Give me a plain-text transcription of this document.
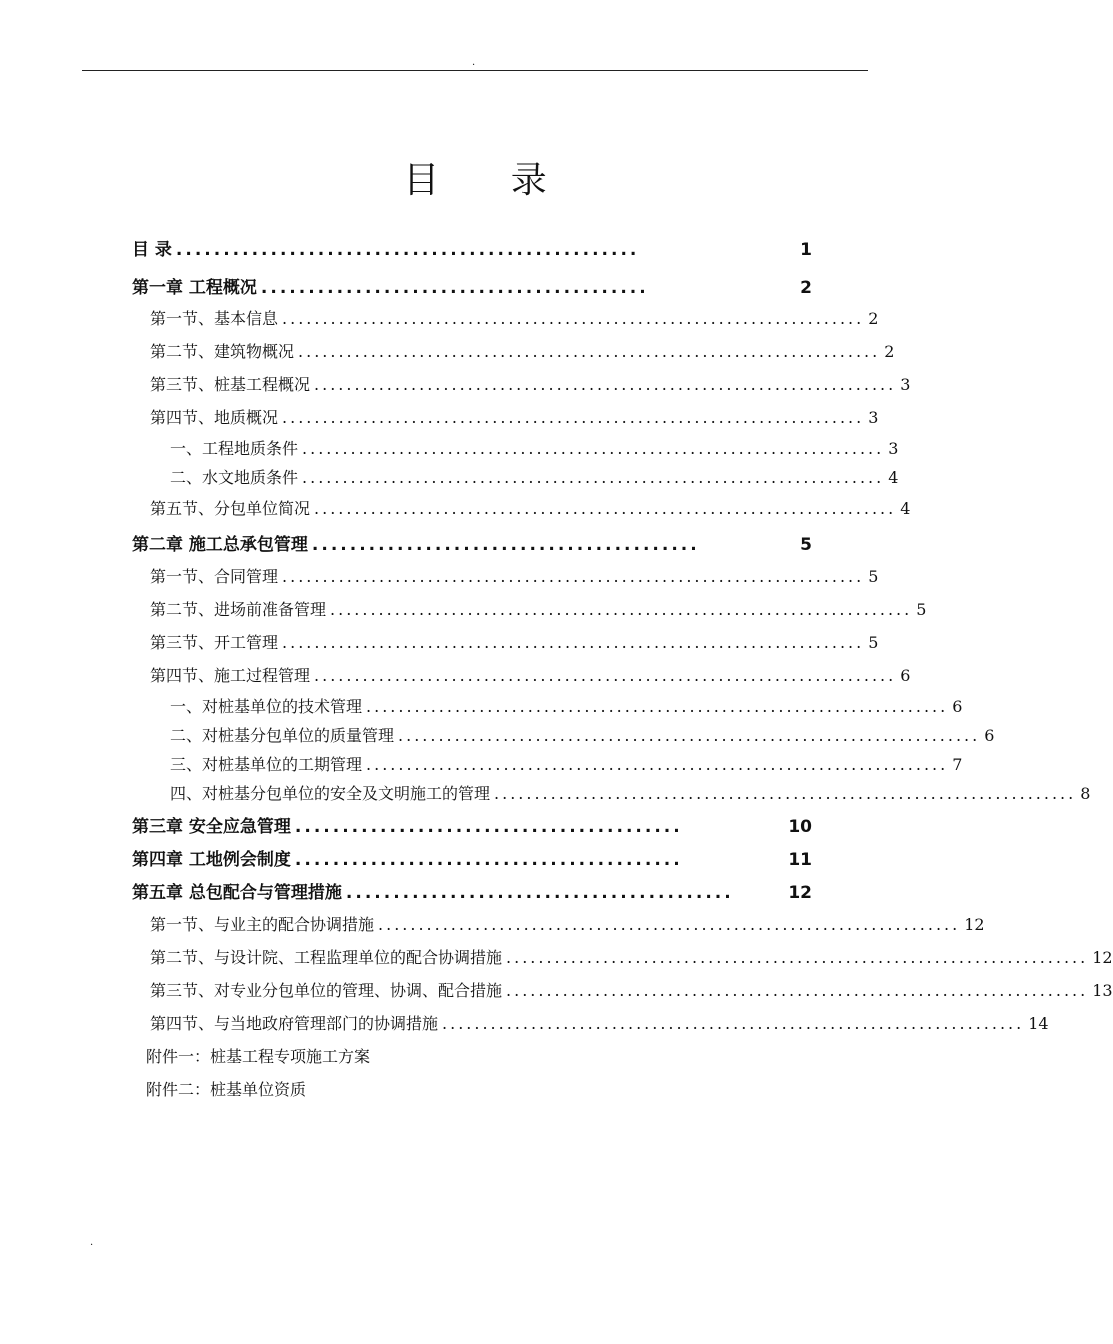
.
目 录
目 录 .................................................	1
第一章 工程概况 .........................................	2
第一节、基本信息 ........................................................................ 2
第二节、建筑物概况 ........................................................................ 2
第三节、桩基工程概况 ........................................................................ 3
第四节、地质概况 ........................................................................ 3
一、工程地质条件 ........................................................................ 3
二、水文地质条件 ........................................................................ 4
第五节、分包单位简况 ........................................................................ 4
第二章 施工总承包管理 .........................................	5
第一节、合同管理 ........................................................................ 5
第二节、进场前准备管理 ........................................................................ 5
第三节、开工管理 ........................................................................ 5
第四节、施工过程管理 ........................................................................ 6
一、对桩基单位的技术管理 ........................................................................ 6
二、对桩基分包单位的质量管理 ........................................................................ 6
三、对桩基单位的工期管理 ........................................................................ 7
四、对桩基分包单位的安全及文明施工的管理 ........................................................................ 8
第三章 安全应急管理 .........................................	10
第四章 工地例会制度 .........................................	11
第五章 总包配合与管理措施 .........................................	12
第一节、与业主的配合协调措施 ........................................................................ 12
第二节、与设计院、工程监理单位的配合协调措施 ........................................................................ 12
第三节、对专业分包单位的管理、协调、配合措施 ........................................................................ 13
第四节、与当地政府管理部门的协调措施 ........................................................................ 14
附件一：桩基工程专项施工方案
附件二：桩基单位资质
.
